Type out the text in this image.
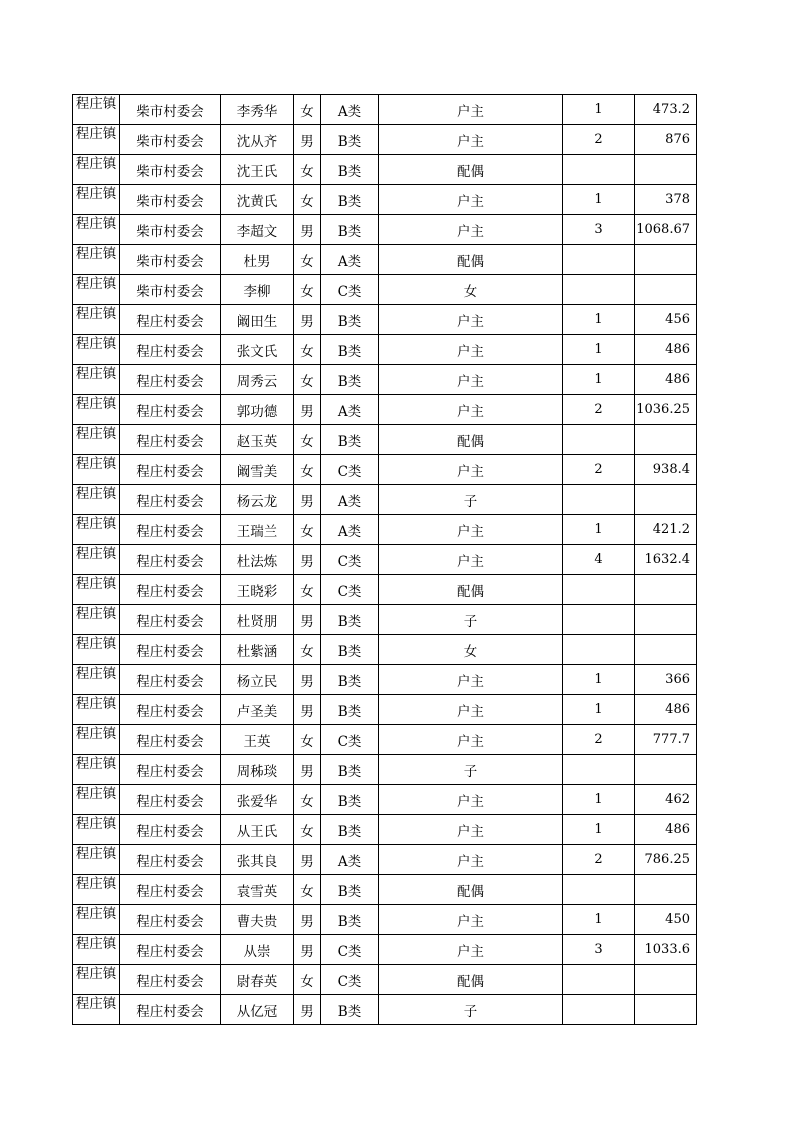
程庄镇	柴市村委会	李秀华	女	A类	户主	1	473.2
程庄镇	柴市村委会	沈从齐	男	B类	户主	2	876
程庄镇	柴市村委会	沈王氏	女	B类	配偶		
程庄镇	柴市村委会	沈黄氏	女	B类	户主	1	378
程庄镇	柴市村委会	李超文	男	B类	户主	3	1068.67
程庄镇	柴市村委会	杜男	女	A类	配偶		
程庄镇	柴市村委会	李柳	女	C类	女		
程庄镇	程庄村委会	阚田生	男	B类	户主	1	456
程庄镇	程庄村委会	张文氏	女	B类	户主	1	486
程庄镇	程庄村委会	周秀云	女	B类	户主	1	486
程庄镇	程庄村委会	郭功德	男	A类	户主	2	1036.25
程庄镇	程庄村委会	赵玉英	女	B类	配偶		
程庄镇	程庄村委会	阚雪美	女	C类	户主	2	938.4
程庄镇	程庄村委会	杨云龙	男	A类	子		
程庄镇	程庄村委会	王瑞兰	女	A类	户主	1	421.2
程庄镇	程庄村委会	杜法炼	男	C类	户主	4	1632.4
程庄镇	程庄村委会	王晓彩	女	C类	配偶		
程庄镇	程庄村委会	杜贤朋	男	B类	子		
程庄镇	程庄村委会	杜紫涵	女	B类	女		
程庄镇	程庄村委会	杨立民	男	B类	户主	1	366
程庄镇	程庄村委会	卢圣美	男	B类	户主	1	486
程庄镇	程庄村委会	王英	女	C类	户主	2	777.7
程庄镇	程庄村委会	周秭琰	男	B类	子		
程庄镇	程庄村委会	张爱华	女	B类	户主	1	462
程庄镇	程庄村委会	从王氏	女	B类	户主	1	486
程庄镇	程庄村委会	张其良	男	A类	户主	2	786.25
程庄镇	程庄村委会	袁雪英	女	B类	配偶		
程庄镇	程庄村委会	曹夫贵	男	B类	户主	1	450
程庄镇	程庄村委会	从崇	男	C类	户主	3	1033.6
程庄镇	程庄村委会	尉春英	女	C类	配偶		
程庄镇	程庄村委会	从亿冠	男	B类	子		
